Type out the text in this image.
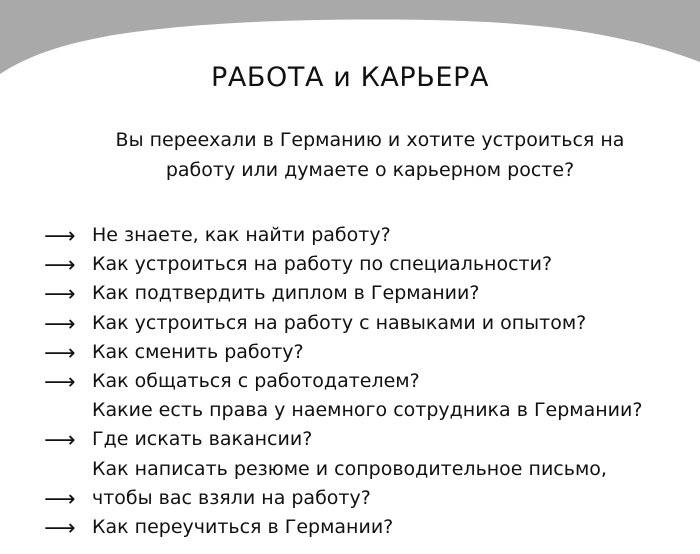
РАБОТА и КАРЬЕРА
Вы переехали в Германию и хотите устроиться на
работу или думаете о карьерном росте?
⟶ Не знаете, как найти работу?
⟶ Как устроиться на работу по специальности?
⟶ Как подтвердить диплом в Германии?
⟶ Как устроиться на работу с навыками и опытом?
⟶ Как сменить работу?
⟶ Как общаться с работодателем?
Какие есть права у наемного сотрудника в Германии?
⟶ Где искать вакансии?
Как написать резюме и сопроводительное письмо,
⟶ чтобы вас взяли на работу?
⟶ Как переучиться в Германии?
